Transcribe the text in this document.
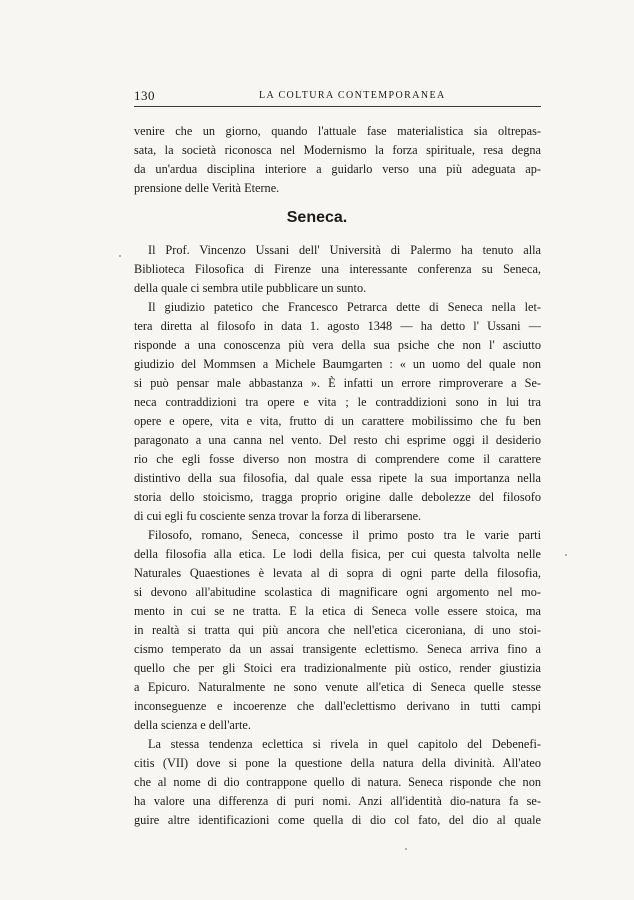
130	LA COLTURA CONTEMPORANEA
venire che un giorno, quando l'attuale fase materialistica sia oltrepas-
sata, la società riconosca nel Modernismo la forza spirituale, resa degna
da un'ardua disciplina interiore a guidarlo verso una più adeguata ap-
prensione delle Verità Eterne.
Seneca.
Il Prof. Vincenzo Ussani dell' Università di Palermo ha tenuto alla
Biblioteca Filosofica di Firenze una interessante conferenza su Seneca,
della quale ci sembra utile pubblicare un sunto.
Il giudizio patetico che Francesco Petrarca dette di Seneca nella let-
tera diretta al filosofo in data 1. agosto 1348 — ha detto l' Ussani —
risponde a una conoscenza più vera della sua psiche che non l' asciutto
giudizio del Mommsen a Michele Baumgarten : « un uomo del quale non
si può pensar male abbastanza ». È infatti un errore rimproverare a Se-
neca contraddizioni tra opere e vita ; le contraddizioni sono in lui tra
opere e opere, vita e vita, frutto di un carattere mobilissimo che fu ben
paragonato a una canna nel vento. Del resto chi esprime oggi il desiderio
rio che egli fosse diverso non mostra di comprendere come il carattere
distintivo della sua filosofia, dal quale essa ripete la sua importanza nella
storia dello stoicismo, tragga proprio origine dalle debolezze del filosofo
di cui egli fu cosciente senza trovar la forza di liberarsene.
Filosofo, romano, Seneca, concesse il primo posto tra le varie parti
della filosofia alla etica. Le lodi della fisica, per cui questa talvolta nelle
Naturales Quaestiones è levata al di sopra di ogni parte della filosofia,
si devono all'abitudine scolastica di magnificare ogni argomento nel mo-
mento in cui se ne tratta. E la etica di Seneca volle essere stoica, ma
in realtà si tratta qui più ancora che nell'etica ciceroniana, di uno stoi-
cismo temperato da un assai transigente eclettismo. Seneca arriva fino a
quello che per gli Stoici era tradizionalmente più ostico, render giustizia
a Epicuro. Naturalmente ne sono venute all'etica di Seneca quelle stesse
inconseguenze e incoerenze che dall'eclettismo derivano in tutti campi
della scienza e dell'arte.
La stessa tendenza eclettica si rivela in quel capitolo del Debenefi-
citis (VII) dove si pone la questione della natura della divinità. All'ateo
che al nome di dio contrappone quello di natura. Seneca risponde che non
ha valore una differenza di puri nomi. Anzi all'identità dio-natura fa se-
guire altre identificazioni come quella di dio col fato, del dio al quale
